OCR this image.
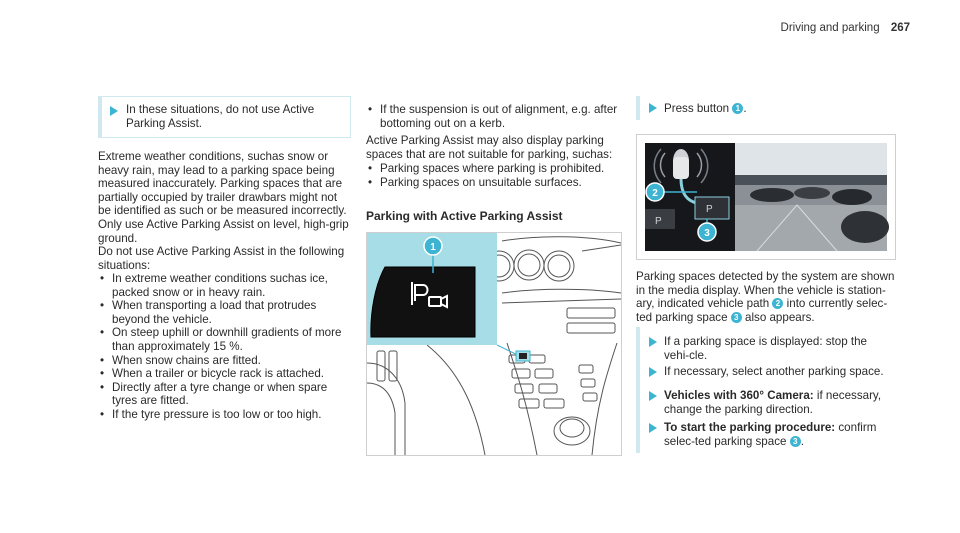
Driving and parking 267

In these situations, do not use Active Parking Assist.

Extreme weather conditions, suchas snow or heavy rain, may lead to a parking space being measured inaccurately. Parking spaces that are partially occupied by trailer drawbars might not be identified as such or be measured incorrectly. Only use Active Parking Assist on level, high-grip ground.

Do not use Active Parking Assist in the following situations:

• In extreme weather conditions suchas ice, packed snow or in heavy rain.
• When transporting a load that protrudes beyond the vehicle.
• On steep uphill or downhill gradients of more than approximately 15 %.
• When snow chains are fitted.
• When a trailer or bicycle rack is attached.
• Directly after a tyre change or when spare tyres are fitted.
• If the tyre pressure is too low or too high.
• If the suspension is out of alignment, e.g. after bottoming out on a kerb.

Active Parking Assist may also display parking spaces that are not suitable for parking, suchas:

• Parking spaces where parking is prohibited.
• Parking spaces on unsuitable surfaces.

Parking with Active Parking Assist

1

Press button 1 .

P
P
2
3

Parking spaces detected by the system are shown in the media display. When the vehicle is station-ary, indicated vehicle path 2 into currently selec-ted parking space 3 also appears.

If a parking space is displayed: stop the vehi-cle.

If necessary, select another parking space.

Vehicles with 360° Camera: if necessary, change the parking direction.

To start the parking procedure: confirm selec-ted parking space 3 .
